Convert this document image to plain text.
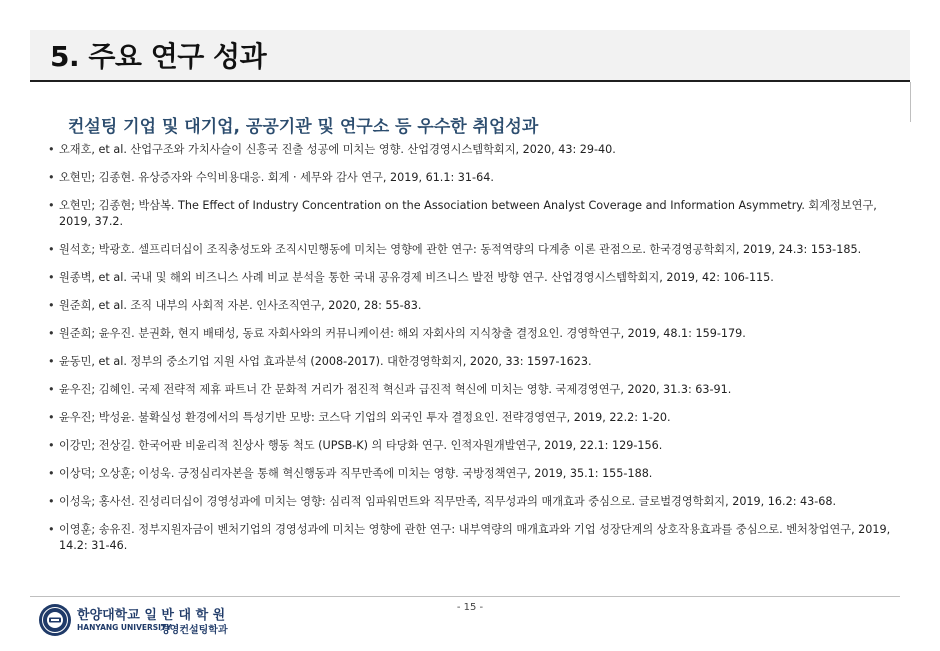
5. 주요 연구 성과
컨설팅 기업 및 대기업, 공공기관 및 연구소 등 우수한 취업성과
• 오재호, et al. 산업구조와 가치사슬이 신흥국 진출 성공에 미치는 영향. 산업경영시스템학회지, 2020, 43: 29-40.
• 오현민; 김종현. 유상증자와 수익비용대응. 회계 · 세무와 감사 연구, 2019, 61.1: 31-64.
• 오현민; 김종현; 박삼복. The Effect of Industry Concentration on the Association between Analyst Coverage and Information Asymmetry. 회계정보연구, 2019, 37.2.
• 원석호; 박광호. 셀프리더십이 조직충성도와 조직시민행동에 미치는 영향에 관한 연구: 동적역량의 다계층 이론 관점으로. 한국경영공학회지, 2019, 24.3: 153-185.
• 원종벽, et al. 국내 및 해외 비즈니스 사례 비교 분석을 통한 국내 공유경제 비즈니스 발전 방향 연구. 산업경영시스템학회지, 2019, 42: 106-115.
• 원준희, et al. 조직 내부의 사회적 자본. 인사조직연구, 2020, 28: 55-83.
• 원준희; 윤우진. 분권화, 현지 배태성, 동료 자회사와의 커뮤니케이션: 해외 자회사의 지식창출 결정요인. 경영학연구, 2019, 48.1: 159-179.
• 윤동민, et al. 정부의 중소기업 지원 사업 효과분석 (2008-2017). 대한경영학회지, 2020, 33: 1597-1623.
• 윤우진; 김혜인. 국제 전략적 제휴 파트너 간 문화적 거리가 점진적 혁신과 급진적 혁신에 미치는 영향. 국제경영연구, 2020, 31.3: 63-91.
• 윤우진; 박성윤. 불확실성 환경에서의 특성기반 모방: 코스닥 기업의 외국인 투자 결정요인. 전략경영연구, 2019, 22.2: 1-20.
• 이강민; 전상길. 한국어판 비윤리적 친상사 행동 척도 (UPSB-K) 의 타당화 연구. 인적자원개발연구, 2019, 22.1: 129-156.
• 이상덕; 오상훈; 이성욱. 긍정심리자본을 통해 혁신행동과 직무만족에 미치는 영향. 국방정책연구, 2019, 35.1: 155-188.
• 이성욱; 홍사선. 진성리더십이 경영성과에 미치는 영향: 심리적 임파워먼트와 직무만족, 직무성과의 매개효과 중심으로. 글로벌경영학회지, 2019, 16.2: 43-68.
• 이영훈; 송유진. 정부지원자금이 벤처기업의 경영성과에 미치는 영향에 관한 연구: 내부역량의 매개효과와 기업 성장단계의 상호작용효과를 중심으로. 벤처창업연구, 2019, 14.2: 31-46.
- 15 -
한양대학교 일 반 대 학 원
HANYANG UNIVERSITY
경영컨설팅학과
